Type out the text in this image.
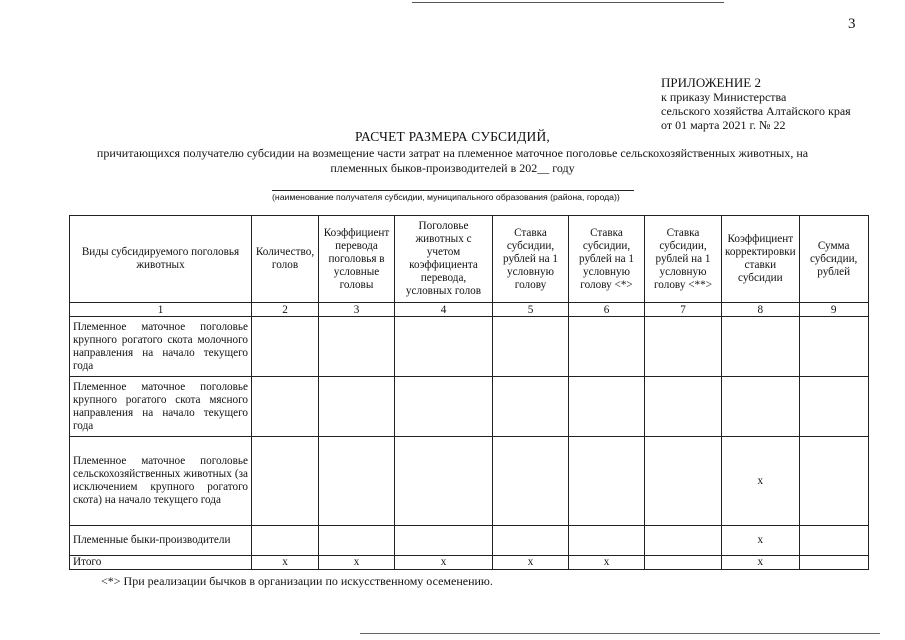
3
ПРИЛОЖЕНИЕ 2
к приказу Министерства
сельского хозяйства Алтайского края
от 01 марта 2021 г. № 22
РАСЧЕТ РАЗМЕРА СУБСИДИЙ,
причитающихся получателю субсидии на возмещение части затрат на племенное маточное поголовье сельскохозяйственных животных, на
племенных быков-производителей в 202__ году
(наименование получателя субсидии, муниципального образования (района, города))
Виды субсидируемого поголовья животных	Количество, голов	Коэффициент перевода поголовья в условные головы	Поголовье животных с учетом коэффициента перевода, условных голов	Ставка субсидии, рублей на 1 условную голову	Ставка субсидии, рублей на 1 условную голову <*>	Ставка субсидии, рублей на 1 условную голову <**>	Коэффициент корректировки ставки субсидии	Сумма субсидии, рублей
1	2	3	4	5	6	7	8	9
Племенное маточное поголовье крупного рогатого скота молочного направления на начало текущего года								
Племенное маточное поголовье крупного рогатого скота мясного направления на начало текущего года								
Племенное маточное поголовье сельскохозяйственных животных (за исключением крупного рогатого скота) на начало текущего года							x	
Племенные быки-производители							x	
Итого	x	x	x	x	x		x	
<*> При реализации бычков в организации по искусственному осеменению.
